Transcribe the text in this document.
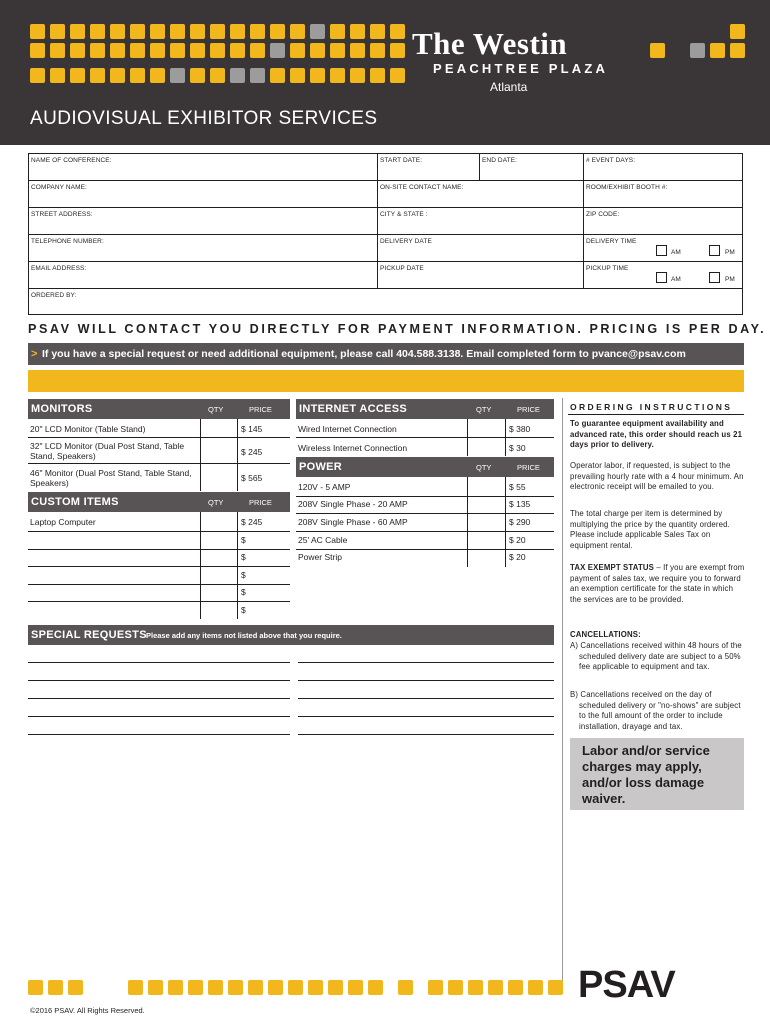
The Westin
PEACHTREE PLAZA
Atlanta
AUDIOVISUAL EXHIBITOR SERVICES
NAME OF CONFERENCE:	START DATE:	END DATE:	# EVENT DAYS:
COMPANY NAME:	ON-SITE CONTACT NAME:	ROOM/EXHIBIT BOOTH #:
STREET ADDRESS:	CITY & STATE :	ZIP CODE:
TELEPHONE NUMBER:	DELIVERY DATE	DELIVERY TIME
AM	PM
EMAIL ADDRESS:	PICKUP DATE	PICKUP TIME
AM	PM
ORDERED BY:
PSAV WILL CONTACT YOU DIRECTLY FOR PAYMENT INFORMATION. PRICING IS PER DAY.
> If you have a special request or need additional equipment, please call 404.588.3138. Email completed form to pvance@psav.com
MONITORS	QTY	PRICE
20" LCD Monitor (Table Stand)	$ 145
32" LCD Monitor (Dual Post Stand, Table Stand, Speakers)	$ 245
46" Monitor (Dual Post Stand, Table Stand, Speakers)	$ 565
CUSTOM ITEMS	QTY	PRICE
Laptop Computer	$ 245
$
$
$
$
$
INTERNET ACCESS	QTY	PRICE
Wired Internet Connection	$ 380
Wireless Internet Connection	$ 30
POWER	QTY	PRICE
120V - 5 AMP	$ 55
208V Single Phase - 20 AMP	$ 135
208V Single Phase - 60 AMP	$ 290
25' AC Cable	$ 20
Power Strip	$ 20
SPECIAL REQUESTS Please add any items not listed above that you require.
ORDERING INSTRUCTIONS
To guarantee equipment availability and advanced rate, this order should reach us 21 days prior to delivery.
Operator labor, if requested, is subject to the prevailing hourly rate with a 4 hour minimum. An electronic receipt will be emailed to you.
The total charge per item is determined by multiplying the price by the quantity ordered. Please include applicable Sales Tax on equipment rental.
TAX EXEMPT STATUS – If you are exempt from payment of sales tax, we require you to forward an exemption certificate for the state in which the services are to be provided.
CANCELLATIONS:
A) Cancellations received within 48 hours of the scheduled delivery date are subject to a 50% fee applicable to equipment and tax.
B) Cancellations received on the day of scheduled delivery or "no-shows" are subject to the full amount of the order to include installation, drayage and tax.
Labor and/or service charges may apply, and/or loss damage waiver.
PSAV
©2016 PSAV. All Rights Reserved.
